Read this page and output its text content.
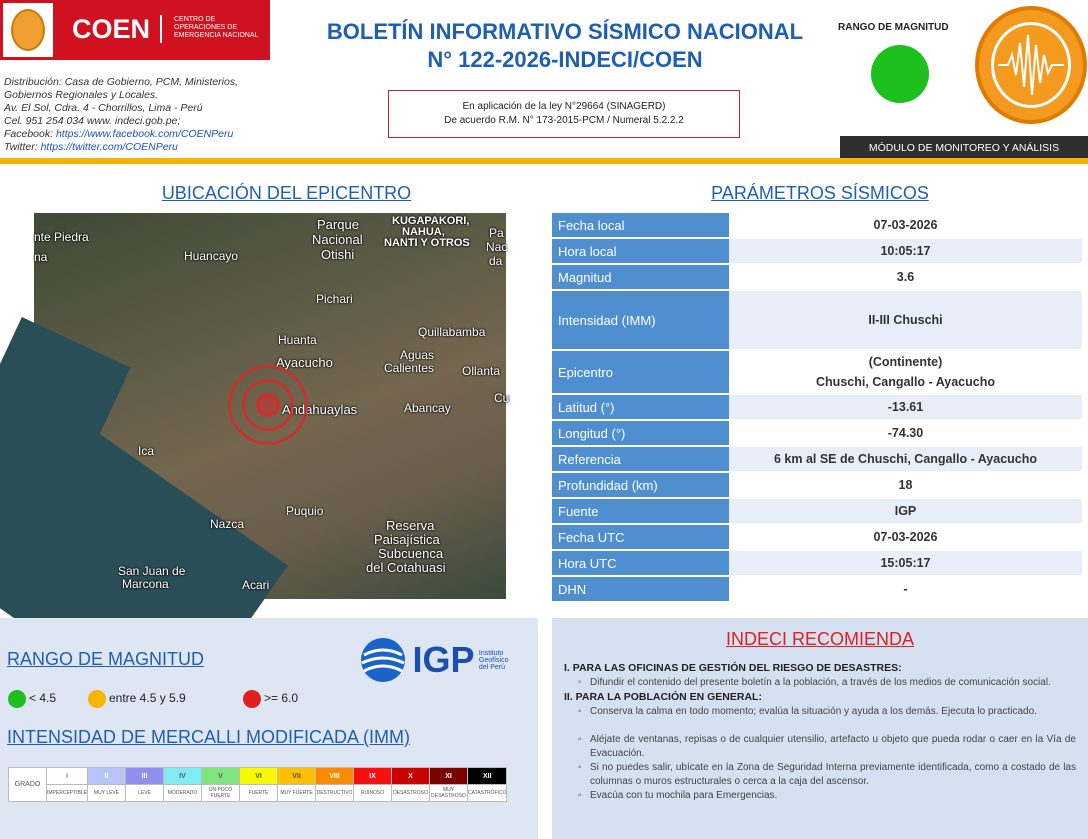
COEN	CENTRO DE OPERACIONES DE EMERGENCIA NACIONAL
Distribución: Casa de Gobierno, PCM, Ministerios,
Gobiernos Regionales y Locales.
Av. El Sol, Cdra. 4 - Chorrillos, Lima - Perú
Cel. 951 254 034 www. indeci.gob.pe;
Facebook: https://www.facebook.com/COENPeru
Twitter: https://twitter.com/COENPeru
BOLETÍN INFORMATIVO SÍSMICO NACIONAL
N° 122-2026-INDECI/COEN
En aplicación de la ley N°29664 (SINAGERD)
De acuerdo R.M. N° 173-2015-PCM / Numeral 5.2.2.2
RANGO DE MAGNITUD
MÓDULO DE MONITOREO Y ANÁLISIS
UBICACIÓN DEL EPICENTRO
nte Piedra
na	Huancayo
Parque
Nacional
Otishi
KUGAPAKORI,
NAHUA,
NANTI Y OTROS
Pa
Nac
da
Pichari
Huanta
Ayacucho
Quillabamba
Aguas
Calientes Ollanta
Andahuaylas	Abancay
Cu
Ica
Puquio
Nazca	Reserva
Paisajística
Subcuenca
del Cotahuasi
San Juan de
Marcona	Acari
PARÁMETROS SÍSMICOS
Fecha local	07-03-2026
Hora local	10:05:17
Magnitud	3.6
Intensidad (IMM)	II-III Chuschi
Epicentro
(Continente)
Chuschi, Cangallo - Ayacucho
Latitud (°)	-13.61
Longitud (°)	-74.30
Referencia	6 km al SE de Chuschi, Cangallo - Ayacucho
Profundidad (km)	18
Fuente	IGP
Fecha UTC	07-03-2026
Hora UTC	15:05:17
DHN	-
RANGO DE MAGNITUD
INTENSIDAD DE MERCALLI MODIFICADA (IMM)
IGP Instituto Geofísico del Perú
< 4.5	entre 4.5 y 5.9	>= 6.0
GRADO	I	II	III	IV	V	VI	VII	VIII	IX	X	XI	XII
	IMPERCEPTIBLE	MUY LEVE	LEVE	MODERADO	UN POCO FUERTE	FUERTE	MUY FUERTE	DESTRUCTIVO	RUINOSO	DESASTROSO	MUY DESASTROSO	CATASTRÓFICO
INDECI RECOMIENDA
I. PARA LAS OFICINAS DE GESTIÓN DEL RIESGO DE DESASTRES:
◦ Difundir el contenido del presente boletín a la población, a través de los medios de comunicación social.
II. PARA LA POBLACIÓN EN GENERAL:
◦ Conserva la calma en todo momento; evalúa la situación y ayuda a los demás. Ejecuta lo practicado.
◦ Aléjate de ventanas, repisas o de cualquier utensilio, artefacto u objeto que pueda rodar o caer en la Vía de Evacuación.
◦ Si no puedes salir, ubícate en la Zona de Seguridad Interna previamente identificada, como a costado de las columnas o muros estructurales o cerca a la caja del ascensor.
◦ Evacúa con tu mochila para Emergencias.
